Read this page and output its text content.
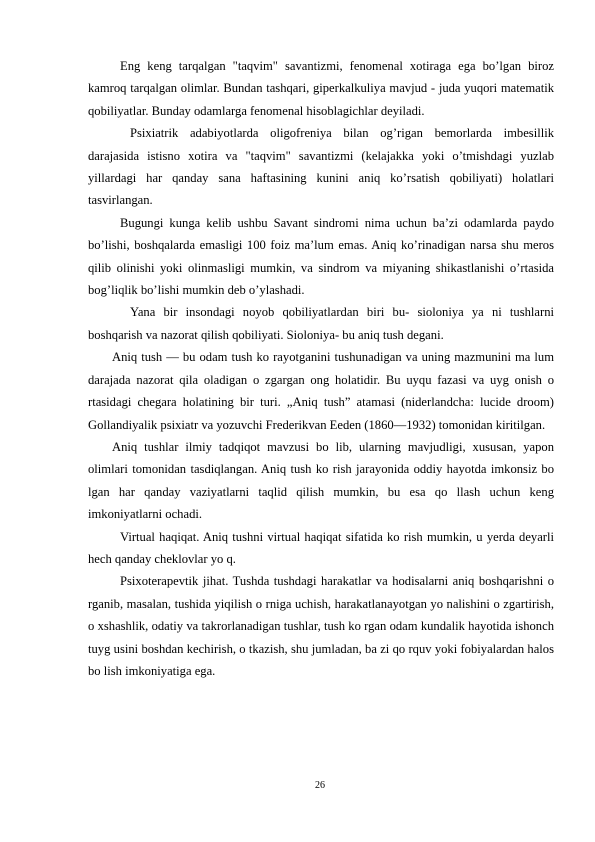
Eng keng tarqalgan "taqvim" savantizmi, fenomenal xotiraga ega bo’lgan biroz kamroq tarqalgan olimlar. Bundan tashqari, giperkalkuliya mavjud - juda yuqori matematik qobiliyatlar. Bunday odamlarga fenomenal hisoblagichlar deyiladi.

Psixiatrik adabiyotlarda oligofreniya bilan og’rigan bemorlarda imbesillik darajasida istisno xotira va "taqvim" savantizmi (kelajakka yoki o’tmishdagi yuzlab yillardagi har qanday sana haftasining kunini aniq ko’rsatish qobiliyati) holatlari tasvirlangan.

Bugungi kunga kelib ushbu Savant sindromi nima uchun ba’zi odamlarda paydo bo’lishi, boshqalarda emasligi 100 foiz ma’lum emas. Aniq ko’rinadigan narsa shu meros qilib olinishi yoki olinmasligi mumkin, va sindrom va miyaning shikastlanishi o’rtasida bog’liqlik bo’lishi mumkin deb o’ylashadi.

Yana bir insondagi noyob qobiliyatlardan biri bu- sioloniya ya ni tushlarni boshqarish va nazorat qilish qobiliyati. Sioloniya- bu aniq tush degani.

Aniq tush — bu odam tush ko rayotganini tushunadigan va uning mazmunini ma lum darajada nazorat qila oladigan o zgargan ong holatidir. Bu uyqu fazasi va uyg onish o rtasidagi chegara holatining bir turi. „Aniq tush” atamasi (niderlandcha: lucide droom) Gollandiyalik psixiatr va yozuvchi Frederikvan Eeden (1860—1932) tomonidan kiritilgan.

Aniq tushlar ilmiy tadqiqot mavzusi bo lib, ularning mavjudligi, xususan, yapon olimlari tomonidan tasdiqlangan. Aniq tush ko rish jarayonida oddiy hayotda imkonsiz bo lgan har qanday vaziyatlarni taqlid qilish mumkin, bu esa qo llash uchun keng imkoniyatlarni ochadi.

Virtual haqiqat. Aniq tushni virtual haqiqat sifatida ko rish mumkin, u yerda deyarli hech qanday cheklovlar yo q.

Psixoterapevtik jihat. Tushda tushdagi harakatlar va hodisalarni aniq boshqarishni o rganib, masalan, tushida yiqilish o rniga uchish, harakatlanayotgan yo nalishini o zgartirish, o xshashlik, odatiy va takrorlanadigan tushlar, tush ko rgan odam kundalik hayotida ishonch tuyg usini boshdan kechirish, o tkazish, shu jumladan, ba zi qo rquv yoki fobiyalardan halos bo lish imkoniyatiga ega.

26
